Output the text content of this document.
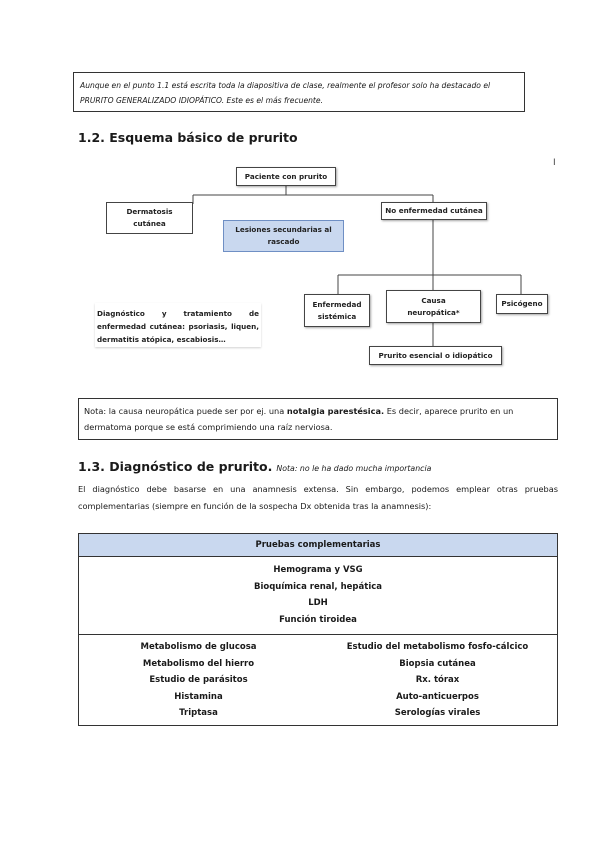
Aunque en el punto 1.1 está escrita toda la diapositiva de clase, realmente el profesor solo ha destacado el PRURITO GENERALIZADO IDIOPÁTICO. Este es el más frecuente.
1.2. Esquema básico de prurito
I
Paciente con prurito
Dermatosis cutánea
No enfermedad cutánea
Lesiones secundarias al rascado
Diagnóstico y tratamiento de enfermedad cutánea: psoriasis, liquen, dermatitis atópica, escabiosis…
Enfermedad sistémica
Causa neuropática*
Psicógeno
Prurito esencial o idiopático
Nota: la causa neuropática puede ser por ej. una notalgia parestésica. Es decir, aparece prurito en un dermatoma porque se está comprimiendo una raíz nerviosa.
1.3. Diagnóstico de prurito. Nota: no le ha dado mucha importancia
El diagnóstico debe basarse en una anamnesis extensa. Sin embargo, podemos emplear otras pruebas complementarias (siempre en función de la sospecha Dx obtenida tras la anamnesis):
Pruebas complementarias
Hemograma y VSG
Bioquímica renal, hepática
LDH
Función tiroidea
Metabolismo de glucosa
Metabolismo del hierro
Estudio de parásitos
Histamina
Triptasa
Estudio del metabolismo fosfo-cálcico
Biopsia cutánea
Rx. tórax
Auto-anticuerpos
Serologías virales
